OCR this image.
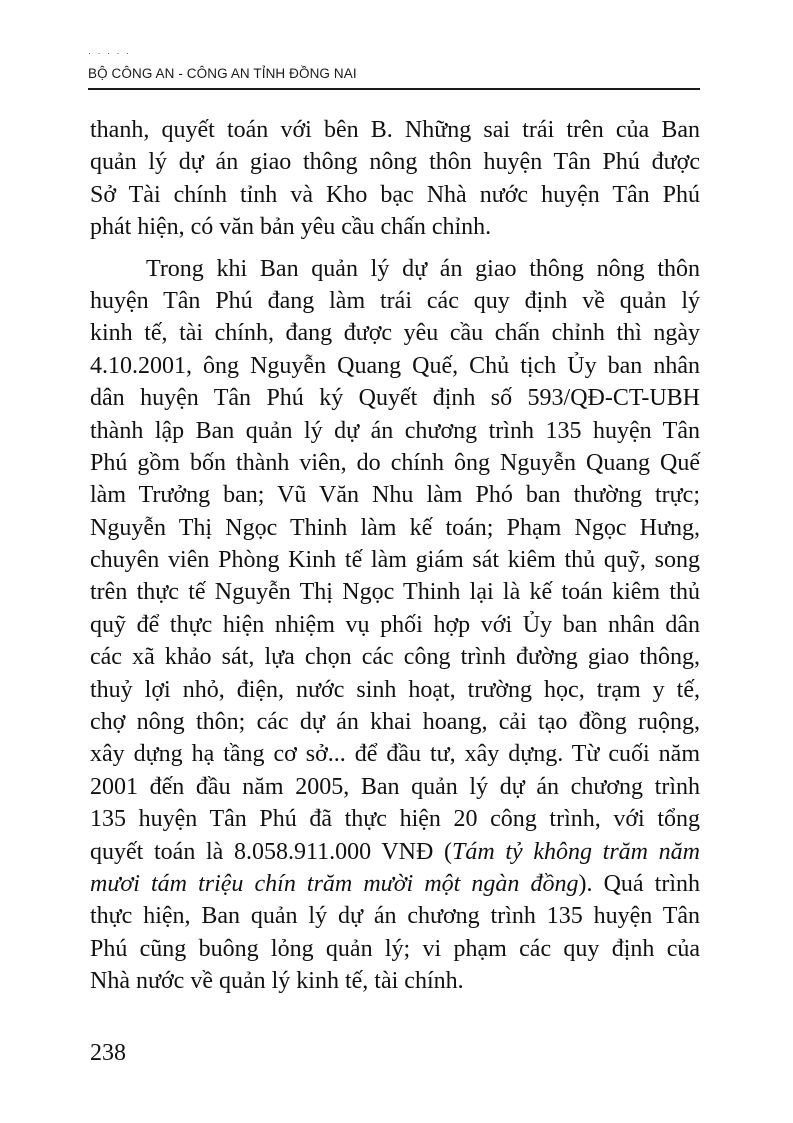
· · · · ·
BỘ CÔNG AN - CÔNG AN TỈNH ĐỒNG NAI
thanh, quyết toán với bên B. Những sai trái trên của Ban
quản lý dự án giao thông nông thôn huyện Tân Phú được
Sở Tài chính tỉnh và Kho bạc Nhà nước huyện Tân Phú
phát hiện, có văn bản yêu cầu chấn chỉnh.
Trong khi Ban quản lý dự án giao thông nông thôn
huyện Tân Phú đang làm trái các quy định về quản lý
kinh tế, tài chính, đang được yêu cầu chấn chỉnh thì ngày
4.10.2001, ông Nguyễn Quang Quế, Chủ tịch Ủy ban nhân
dân huyện Tân Phú ký Quyết định số 593/QĐ-CT-UBH
thành lập Ban quản lý dự án chương trình 135 huyện Tân
Phú gồm bốn thành viên, do chính ông Nguyễn Quang Quế
làm Trưởng ban; Vũ Văn Nhu làm Phó ban thường trực;
Nguyễn Thị Ngọc Thinh làm kế toán; Phạm Ngọc Hưng,
chuyên viên Phòng Kinh tế làm giám sát kiêm thủ quỹ, song
trên thực tế Nguyễn Thị Ngọc Thinh lại là kế toán kiêm thủ
quỹ để thực hiện nhiệm vụ phối hợp với Ủy ban nhân dân
các xã khảo sát, lựa chọn các công trình đường giao thông,
thuỷ lợi nhỏ, điện, nước sinh hoạt, trường học, trạm y tế,
chợ nông thôn; các dự án khai hoang, cải tạo đồng ruộng,
xây dựng hạ tầng cơ sở... để đầu tư, xây dựng. Từ cuối năm
2001 đến đầu năm 2005, Ban quản lý dự án chương trình
135 huyện Tân Phú đã thực hiện 20 công trình, với tổng
quyết toán là 8.058.911.000 VNĐ (Tám tỷ không trăm năm
mươi tám triệu chín trăm mười một ngàn đồng). Quá trình
thực hiện, Ban quản lý dự án chương trình 135 huyện Tân
Phú cũng buông lỏng quản lý; vi phạm các quy định của
Nhà nước về quản lý kinh tế, tài chính.
238
